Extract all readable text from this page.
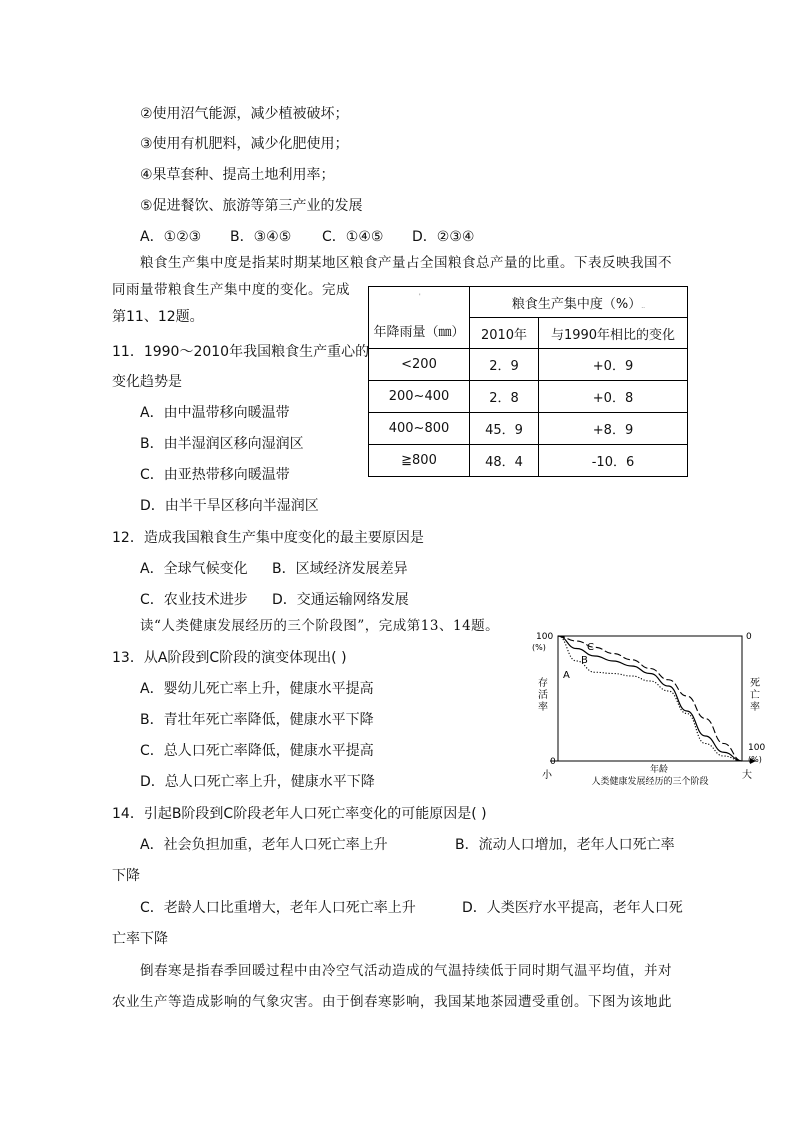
②使用沼气能源，减少植被破坏；
③使用有机肥料，减少化肥使用；
④果草套种、提高土地利用率；
⑤促进餐饮、旅游等第三产业的发展
A．①②③ B．③④⑤ C．①④⑤ D．②③④
粮食生产集中度是指某时期某地区粮食产量占全国粮食总产量的比重。下表反映我国不
同雨量带粮食生产集中度的变化。完成
第11、12题。
'
年降雨量（㎜）	粮食生产集中度（%）..	
	2010年	与1990年相比的变化
<200	2．9	+0．9
200~400	2．8	+0．8
400~800	45．9	+8．9
≧800	48．4	-10．6
11．1990～2010年我国粮食生产重心的
变化趋势是
A．由中温带移向暖温带
B．由半湿润区移向湿润区
C．由亚热带移向暖温带
D．由半干旱区移向半湿润区
12．造成我国粮食生产集中度变化的最主要原因是
A．全球气候变化 B．区域经济发展差异
C．农业技术进步 D．交通运输网络发展
读“人类健康发展经历的三个阶段图”，完成第13、14题。
13．从A阶段到C阶段的演变体现出( )
A．婴幼儿死亡率上升，健康水平提高
B．青壮年死亡率降低，健康水平下降
C．总人口死亡率降低，健康水平提高
D．总人口死亡率上升，健康水平下降
C
B
A
100
(%)
0
0
100
(%)
存活率
死亡率
年龄
小	大
人类健康发展经历的三个阶段
14．引起B阶段到C阶段老年人口死亡率变化的可能原因是( )
A．社会负担加重，老年人口死亡率上升	B．流动人口增加，老年人口死亡率
下降
C．老龄人口比重增大，老年人口死亡率上升	D．人类医疗水平提高，老年人口死
亡率下降
倒春寒是指春季回暖过程中由冷空气活动造成的气温持续低于同时期气温平均值，并对
农业生产等造成影响的气象灾害。由于倒春寒影响，我国某地茶园遭受重创。下图为该地此
